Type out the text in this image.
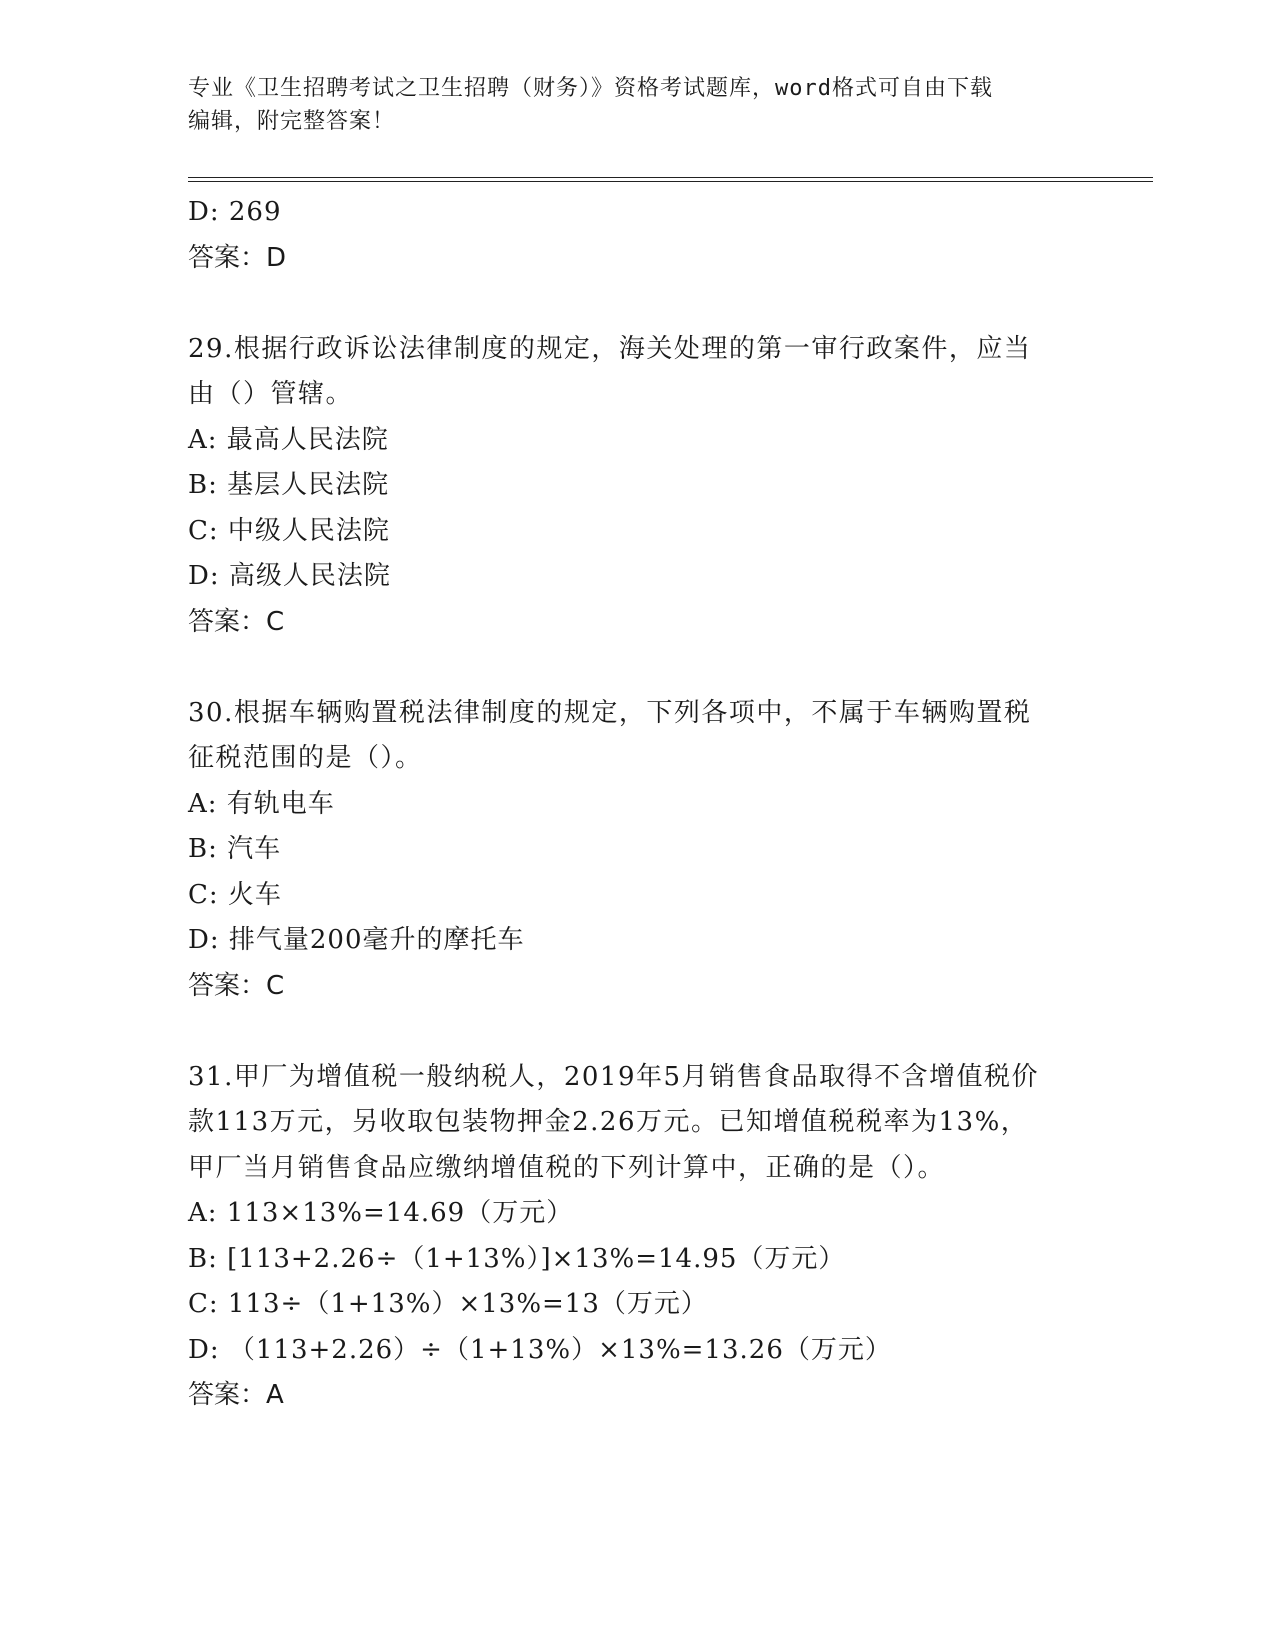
专业《卫生招聘考试之卫生招聘（财务）》资格考试题库，word格式可自由下载
编辑，附完整答案！
D: 269
答案：D
29.根据行政诉讼法律制度的规定，海关处理的第一审行政案件，应当
由（）管辖。
A: 最高人民法院
B: 基层人民法院
C: 中级人民法院
D: 高级人民法院
答案：C
30.根据车辆购置税法律制度的规定，下列各项中，不属于车辆购置税
征税范围的是（）。
A: 有轨电车
B: 汽车
C: 火车
D: 排气量200毫升的摩托车
答案：C
31.甲厂为增值税一般纳税人，2019年5月销售食品取得不含增值税价
款113万元，另收取包装物押金2.26万元。已知增值税税率为13%，
甲厂当月销售食品应缴纳增值税的下列计算中，正确的是（）。
A: 113×13%=14.69（万元）
B: [113+2.26÷（1+13%）]×13%=14.95（万元）
C: 113÷（1+13%）×13%=13（万元）
D: （113+2.26）÷（1+13%）×13%=13.26（万元）
答案：A
